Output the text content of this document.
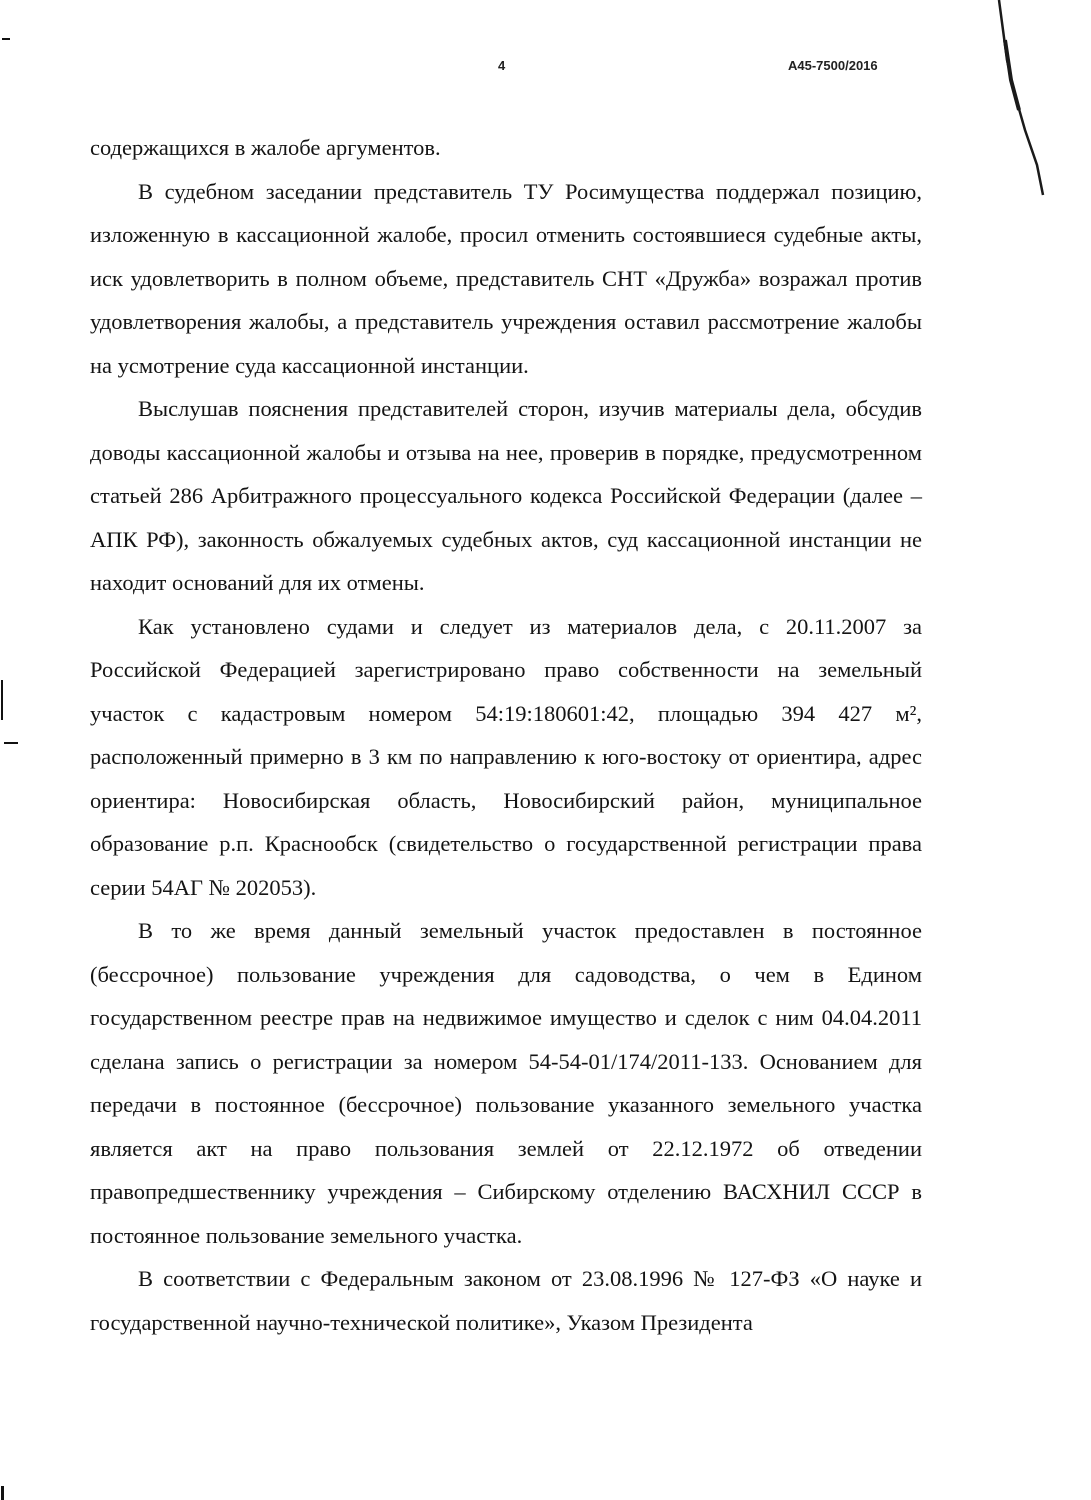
4	А45-7500/2016

содержащихся в жалобе аргументов.

В судебном заседании представитель ТУ Росимущества поддержал позицию, изложенную в кассационной жалобе, просил отменить состоявшиеся судебные акты, иск удовлетворить в полном объеме, представитель СНТ «Дружба» возражал против удовлетворения жалобы, а представитель учреждения оставил рассмотрение жалобы на усмотрение суда кассационной инстанции.

Выслушав пояснения представителей сторон, изучив материалы дела, обсудив доводы кассационной жалобы и отзыва на нее, проверив в порядке, предусмотренном статьей 286 Арбитражного процессуального кодекса Российской Федерации (далее – АПК РФ), законность обжалуемых судебных актов, суд кассационной инстанции не находит оснований для их отмены.

Как установлено судами и следует из материалов дела, с 20.11.2007 за Российской Федерацией зарегистрировано право собственности на земельный участок с кадастровым номером 54:19:180601:42, площадью 394 427 м², расположенный примерно в 3 км по направлению к юго-востоку от ориентира, адрес ориентира: Новосибирская область, Новосибирский район, муниципальное образование р.п. Краснообск (свидетельство о государственной регистрации права серии 54АГ № 202053).

В то же время данный земельный участок предоставлен в постоянное (бессрочное) пользование учреждения для садоводства, о чем в Едином государственном реестре прав на недвижимое имущество и сделок с ним 04.04.2011 сделана запись о регистрации за номером 54-54-01/174/2011-133. Основанием для передачи в постоянное (бессрочное) пользование указанного земельного участка является акт на право пользования землей от 22.12.1972 об отведении правопредшественнику учреждения – Сибирскому отделению ВАСХНИЛ СССР в постоянное пользование земельного участка.

В соответствии с Федеральным законом от 23.08.1996 № 127-ФЗ «О науке и государственной научно-технической политике», Указом Президента
